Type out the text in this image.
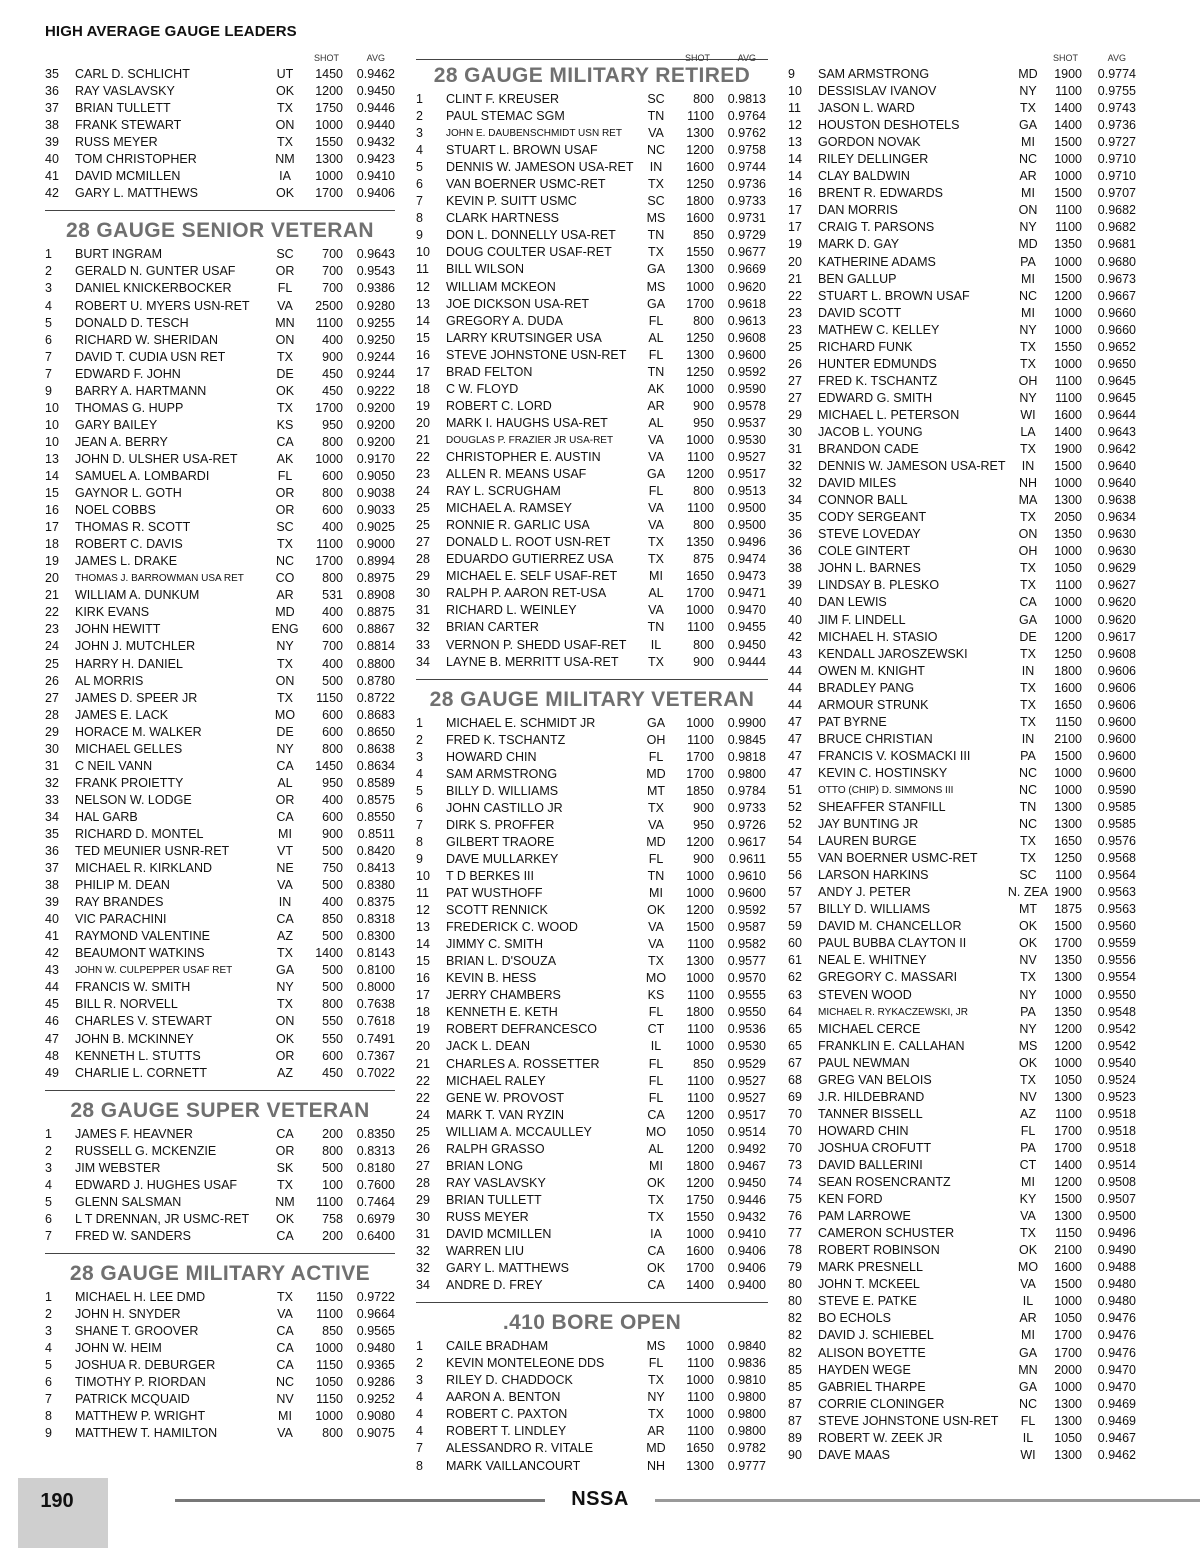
HIGH AVERAGE GAUGE LEADERS
SHOT	AVG
35	CARL D. SCHLICHT	UT	1450	0.9462
36	RAY VASLAVSKY	OK	1200	0.9450
37	BRIAN TULLETT	TX	1750	0.9446
38	FRANK STEWART	ON	1000	0.9440
39	RUSS MEYER	TX	1550	0.9432
40	TOM CHRISTOPHER	NM	1300	0.9423
41	DAVID MCMILLEN	IA	1000	0.9410
42	GARY L. MATTHEWS	OK	1700	0.9406
28 GAUGE SENIOR VETERAN
1	BURT INGRAM	SC	700	0.9643
2	GERALD N. GUNTER USAF	OR	700	0.9543
3	DANIEL KNICKERBOCKER	FL	700	0.9386
4	ROBERT U. MYERS USN-RET	VA	2500	0.9280
5	DONALD D. TESCH	MN	1100	0.9255
6	RICHARD W. SHERIDAN	ON	400	0.9250
7	DAVID T. CUDIA USN RET	TX	900	0.9244
7	EDWARD F. JOHN	DE	450	0.9244
9	BARRY A. HARTMANN	OK	450	0.9222
10	THOMAS G. HUPP	TX	1700	0.9200
10	GARY BAILEY	KS	950	0.9200
10	JEAN A. BERRY	CA	800	0.9200
13	JOHN D. ULSHER USA-RET	AK	1000	0.9170
14	SAMUEL A. LOMBARDI	FL	600	0.9050
15	GAYNOR L. GOTH	OR	800	0.9038
16	NOEL COBBS	OR	600	0.9033
17	THOMAS R. SCOTT	SC	400	0.9025
18	ROBERT C. DAVIS	TX	1100	0.9000
19	JAMES L. DRAKE	NC	1700	0.8994
20	THOMAS J. BARROWMAN USA RET	CO	800	0.8975
21	WILLIAM A. DUNKUM	AR	531	0.8908
22	KIRK EVANS	MD	400	0.8875
23	JOHN HEWITT	ENG	600	0.8867
24	JOHN J. MUTCHLER	NY	700	0.8814
25	HARRY H. DANIEL	TX	400	0.8800
26	AL MORRIS	ON	500	0.8780
27	JAMES D. SPEER JR	TX	1150	0.8722
28	JAMES E. LACK	MO	600	0.8683
29	HORACE M. WALKER	DE	600	0.8650
30	MICHAEL GELLES	NY	800	0.8638
31	C NEIL VANN	CA	1450	0.8634
32	FRANK PROIETTY	AL	950	0.8589
33	NELSON W. LODGE	OR	400	0.8575
34	HAL GARB	CA	600	0.8550
35	RICHARD D. MONTEL	MI	900	0.8511
36	TED MEUNIER USNR-RET	VT	500	0.8420
37	MICHAEL R. KIRKLAND	NE	750	0.8413
38	PHILIP M. DEAN	VA	500	0.8380
39	RAY BRANDES	IN	400	0.8375
40	VIC PARACHINI	CA	850	0.8318
41	RAYMOND VALENTINE	AZ	500	0.8300
42	BEAUMONT WATKINS	TX	1400	0.8143
43	JOHN W. CULPEPPER USAF RET	GA	500	0.8100
44	FRANCIS W. SMITH	NY	500	0.8000
45	BILL R. NORVELL	TX	800	0.7638
46	CHARLES V. STEWART	ON	550	0.7618
47	JOHN B. MCKINNEY	OK	550	0.7491
48	KENNETH L. STUTTS	OR	600	0.7367
49	CHARLIE L. CORNETT	AZ	450	0.7022
28 GAUGE SUPER VETERAN
1	JAMES F. HEAVNER	CA	200	0.8350
2	RUSSELL G. MCKENZIE	OR	800	0.8313
3	JIM WEBSTER	SK	500	0.8180
4	EDWARD J. HUGHES USAF	TX	100	0.7600
5	GLENN SALSMAN	NM	1100	0.7464
6	L T DRENNAN, JR USMC-RET	OK	758	0.6979
7	FRED W. SANDERS	CA	200	0.6400
28 GAUGE MILITARY ACTIVE
1	MICHAEL H. LEE DMD	TX	1150	0.9722
2	JOHN H. SNYDER	VA	1100	0.9664
3	SHANE T. GROOVER	CA	850	0.9565
4	JOHN W. HEIM	CA	1000	0.9480
5	JOSHUA R. DEBURGER	CA	1150	0.9365
6	TIMOTHY P. RIORDAN	NC	1050	0.9286
7	PATRICK MCQUAID	NV	1150	0.9252
8	MATTHEW P. WRIGHT	MI	1000	0.9080
9	MATTHEW T. HAMILTON	VA	800	0.9075
SHOT	AVG
28 GAUGE MILITARY RETIRED
1	CLINT F. KREUSER	SC	800	0.9813
2	PAUL STEMAC SGM	TN	1100	0.9764
3	JOHN E. DAUBENSCHMIDT USN RET	VA	1300	0.9762
4	STUART L. BROWN USAF	NC	1200	0.9758
5	DENNIS W. JAMESON USA-RET	IN	1600	0.9744
6	VAN BOERNER USMC-RET	TX	1250	0.9736
7	KEVIN P. SUITT USMC	SC	1800	0.9733
8	CLARK HARTNESS	MS	1600	0.9731
9	DON L. DONNELLY USA-RET	TN	850	0.9729
10	DOUG COULTER USAF-RET	TX	1550	0.9677
11	BILL WILSON	GA	1300	0.9669
12	WILLIAM MCKEON	MS	1000	0.9620
13	JOE DICKSON USA-RET	GA	1700	0.9618
14	GREGORY A. DUDA	FL	800	0.9613
15	LARRY KRUTSINGER USA	AL	1250	0.9608
16	STEVE JOHNSTONE USN-RET	FL	1300	0.9600
17	BRAD FELTON	TN	1250	0.9592
18	C W. FLOYD	AK	1000	0.9590
19	ROBERT C. LORD	AR	900	0.9578
20	MARK I. HAUGHS USA-RET	AL	950	0.9537
21	DOUGLAS P. FRAZIER JR USA-RET	VA	1000	0.9530
22	CHRISTOPHER E. AUSTIN	VA	1100	0.9527
23	ALLEN R. MEANS USAF	GA	1200	0.9517
24	RAY L. SCRUGHAM	FL	800	0.9513
25	MICHAEL A. RAMSEY	VA	1100	0.9500
25	RONNIE R. GARLIC USA	VA	800	0.9500
27	DONALD L. ROOT USN-RET	TX	1350	0.9496
28	EDUARDO GUTIERREZ USA	TX	875	0.9474
29	MICHAEL E. SELF USAF-RET	MI	1650	0.9473
30	RALPH P. AARON RET-USA	AL	1700	0.9471
31	RICHARD L. WEINLEY	VA	1000	0.9470
32	BRIAN CARTER	TN	1100	0.9455
33	VERNON P. SHEDD USAF-RET	IL	800	0.9450
34	LAYNE B. MERRITT USA-RET	TX	900	0.9444
28 GAUGE MILITARY VETERAN
1	MICHAEL E. SCHMIDT JR	GA	1000	0.9900
2	FRED K. TSCHANTZ	OH	1100	0.9845
3	HOWARD CHIN	FL	1700	0.9818
4	SAM ARMSTRONG	MD	1700	0.9800
5	BILLY D. WILLIAMS	MT	1850	0.9784
6	JOHN CASTILLO JR	TX	900	0.9733
7	DIRK S. PROFFER	VA	950	0.9726
8	GILBERT TRAORE	MD	1200	0.9617
9	DAVE MULLARKEY	FL	900	0.9611
10	T D BERKES III	TN	1000	0.9610
11	PAT WUSTHOFF	MI	1000	0.9600
12	SCOTT RENNICK	OK	1200	0.9592
13	FREDERICK C. WOOD	VA	1500	0.9587
14	JIMMY C. SMITH	VA	1100	0.9582
15	BRIAN L. D'SOUZA	TX	1300	0.9577
16	KEVIN B. HESS	MO	1000	0.9570
17	JERRY CHAMBERS	KS	1100	0.9555
18	KENNETH E. KETH	FL	1800	0.9550
19	ROBERT DEFRANCESCO	CT	1100	0.9536
20	JACK L. DEAN	IL	1000	0.9530
21	CHARLES A. ROSSETTER	FL	850	0.9529
22	MICHAEL RALEY	FL	1100	0.9527
22	GENE W. PROVOST	FL	1100	0.9527
24	MARK T. VAN RYZIN	CA	1200	0.9517
25	WILLIAM A. MCCAULLEY	MO	1050	0.9514
26	RALPH GRASSO	AL	1200	0.9492
27	BRIAN LONG	MI	1800	0.9467
28	RAY VASLAVSKY	OK	1200	0.9450
29	BRIAN TULLETT	TX	1750	0.9446
30	RUSS MEYER	TX	1550	0.9432
31	DAVID MCMILLEN	IA	1000	0.9410
32	WARREN LIU	CA	1600	0.9406
32	GARY L. MATTHEWS	OK	1700	0.9406
34	ANDRE D. FREY	CA	1400	0.9400
.410 BORE OPEN
1	CAILE BRADHAM	MS	1000	0.9840
2	KEVIN MONTELEONE DDS	FL	1100	0.9836
3	RILEY D. CHADDOCK	TX	1000	0.9810
4	AARON A. BENTON	NY	1100	0.9800
4	ROBERT C. PAXTON	TX	1000	0.9800
4	ROBERT T. LINDLEY	AR	1100	0.9800
7	ALESSANDRO R. VITALE	MD	1650	0.9782
8	MARK VAILLANCOURT	NH	1300	0.9777
SHOT	AVG
9	SAM ARMSTRONG	MD	1900	0.9774
10	DESSISLAV IVANOV	NY	1100	0.9755
11	JASON L. WARD	TX	1400	0.9743
12	HOUSTON DESHOTELS	GA	1400	0.9736
13	GORDON NOVAK	MI	1500	0.9727
14	RILEY DELLINGER	NC	1000	0.9710
14	CLAY BALDWIN	AR	1000	0.9710
16	BRENT R. EDWARDS	MI	1500	0.9707
17	DAN MORRIS	ON	1100	0.9682
17	CRAIG T. PARSONS	NY	1100	0.9682
19	MARK D. GAY	MD	1350	0.9681
20	KATHERINE ADAMS	PA	1000	0.9680
21	BEN GALLUP	MI	1500	0.9673
22	STUART L. BROWN USAF	NC	1200	0.9667
23	DAVID SCOTT	MI	1000	0.9660
23	MATHEW C. KELLEY	NY	1000	0.9660
25	RICHARD FUNK	TX	1550	0.9652
26	HUNTER EDMUNDS	TX	1000	0.9650
27	FRED K. TSCHANTZ	OH	1100	0.9645
27	EDWARD G. SMITH	NY	1100	0.9645
29	MICHAEL L. PETERSON	WI	1600	0.9644
30	JACOB L. YOUNG	LA	1400	0.9643
31	BRANDON CADE	TX	1900	0.9642
32	DENNIS W. JAMESON USA-RET	IN	1500	0.9640
32	DAVID MILES	NH	1000	0.9640
34	CONNOR BALL	MA	1300	0.9638
35	CODY SERGEANT	TX	2050	0.9634
36	STEVE LOVEDAY	ON	1350	0.9630
36	COLE GINTERT	OH	1000	0.9630
38	JOHN L. BARNES	TX	1050	0.9629
39	LINDSAY B. PLESKO	TX	1100	0.9627
40	DAN LEWIS	CA	1000	0.9620
40	JIM F. LINDELL	GA	1000	0.9620
42	MICHAEL H. STASIO	DE	1200	0.9617
43	KENDALL JAROSZEWSKI	TX	1250	0.9608
44	OWEN M. KNIGHT	IN	1800	0.9606
44	BRADLEY PANG	TX	1600	0.9606
44	ARMOUR STRUNK	TX	1650	0.9606
47	PAT BYRNE	TX	1150	0.9600
47	BRUCE CHRISTIAN	IN	2100	0.9600
47	FRANCIS V. KOSMACKI III	PA	1500	0.9600
47	KEVIN C. HOSTINSKY	NC	1000	0.9600
51	OTTO (CHIP) D. SIMMONS III	NC	1000	0.9590
52	SHEAFFER STANFILL	TN	1300	0.9585
52	JAY BUNTING JR	NC	1300	0.9585
54	LAUREN BURGE	TX	1650	0.9576
55	VAN BOERNER USMC-RET	TX	1250	0.9568
56	LARSON HARKINS	SC	1100	0.9564
57	ANDY J. PETER	N. ZEA 1900	0.9563
57	BILLY D. WILLIAMS	MT	1875	0.9563
59	DAVID M. CHANCELLOR	OK	1500	0.9560
60	PAUL BUBBA CLAYTON II	OK	1700	0.9559
61	NEAL E. WHITNEY	NV	1350	0.9556
62	GREGORY C. MASSARI	TX	1300	0.9554
63	STEVEN WOOD	NY	1000	0.9550
64	MICHAEL R. RYKACZEWSKI, JR	PA	1350	0.9548
65	MICHAEL CERCE	NY	1200	0.9542
65	FRANKLIN E. CALLAHAN	MS	1200	0.9542
67	PAUL NEWMAN	OK	1000	0.9540
68	GREG VAN BELOIS	TX	1050	0.9524
69	J.R. HILDEBRAND	NV	1300	0.9523
70	TANNER BISSELL	AZ	1100	0.9518
70	HOWARD CHIN	FL	1700	0.9518
70	JOSHUA CROFUTT	PA	1700	0.9518
73	DAVID BALLERINI	CT	1400	0.9514
74	SEAN ROSENCRANTZ	MI	1200	0.9508
75	KEN FORD	KY	1500	0.9507
76	PAM LARROWE	VA	1300	0.9500
77	CAMERON SCHUSTER	TX	1150	0.9496
78	ROBERT ROBINSON	OK	2100	0.9490
79	MARK PRESNELL	MO	1600	0.9488
80	JOHN T. MCKEEL	VA	1500	0.9480
80	STEVE E. PATKE	IL	1000	0.9480
82	BO ECHOLS	AR	1050	0.9476
82	DAVID J. SCHIEBEL	MI	1700	0.9476
82	ALISON BOYETTE	GA	1700	0.9476
85	HAYDEN WEGE	MN	2000	0.9470
85	GABRIEL THARPE	GA	1000	0.9470
87	CORRIE CLONINGER	NC	1300	0.9469
87	STEVE JOHNSTONE USN-RET	FL	1300	0.9469
89	ROBERT W. ZEEK JR	IL	1050	0.9467
90	DAVE MAAS	WI	1300	0.9462
190	NSSA
